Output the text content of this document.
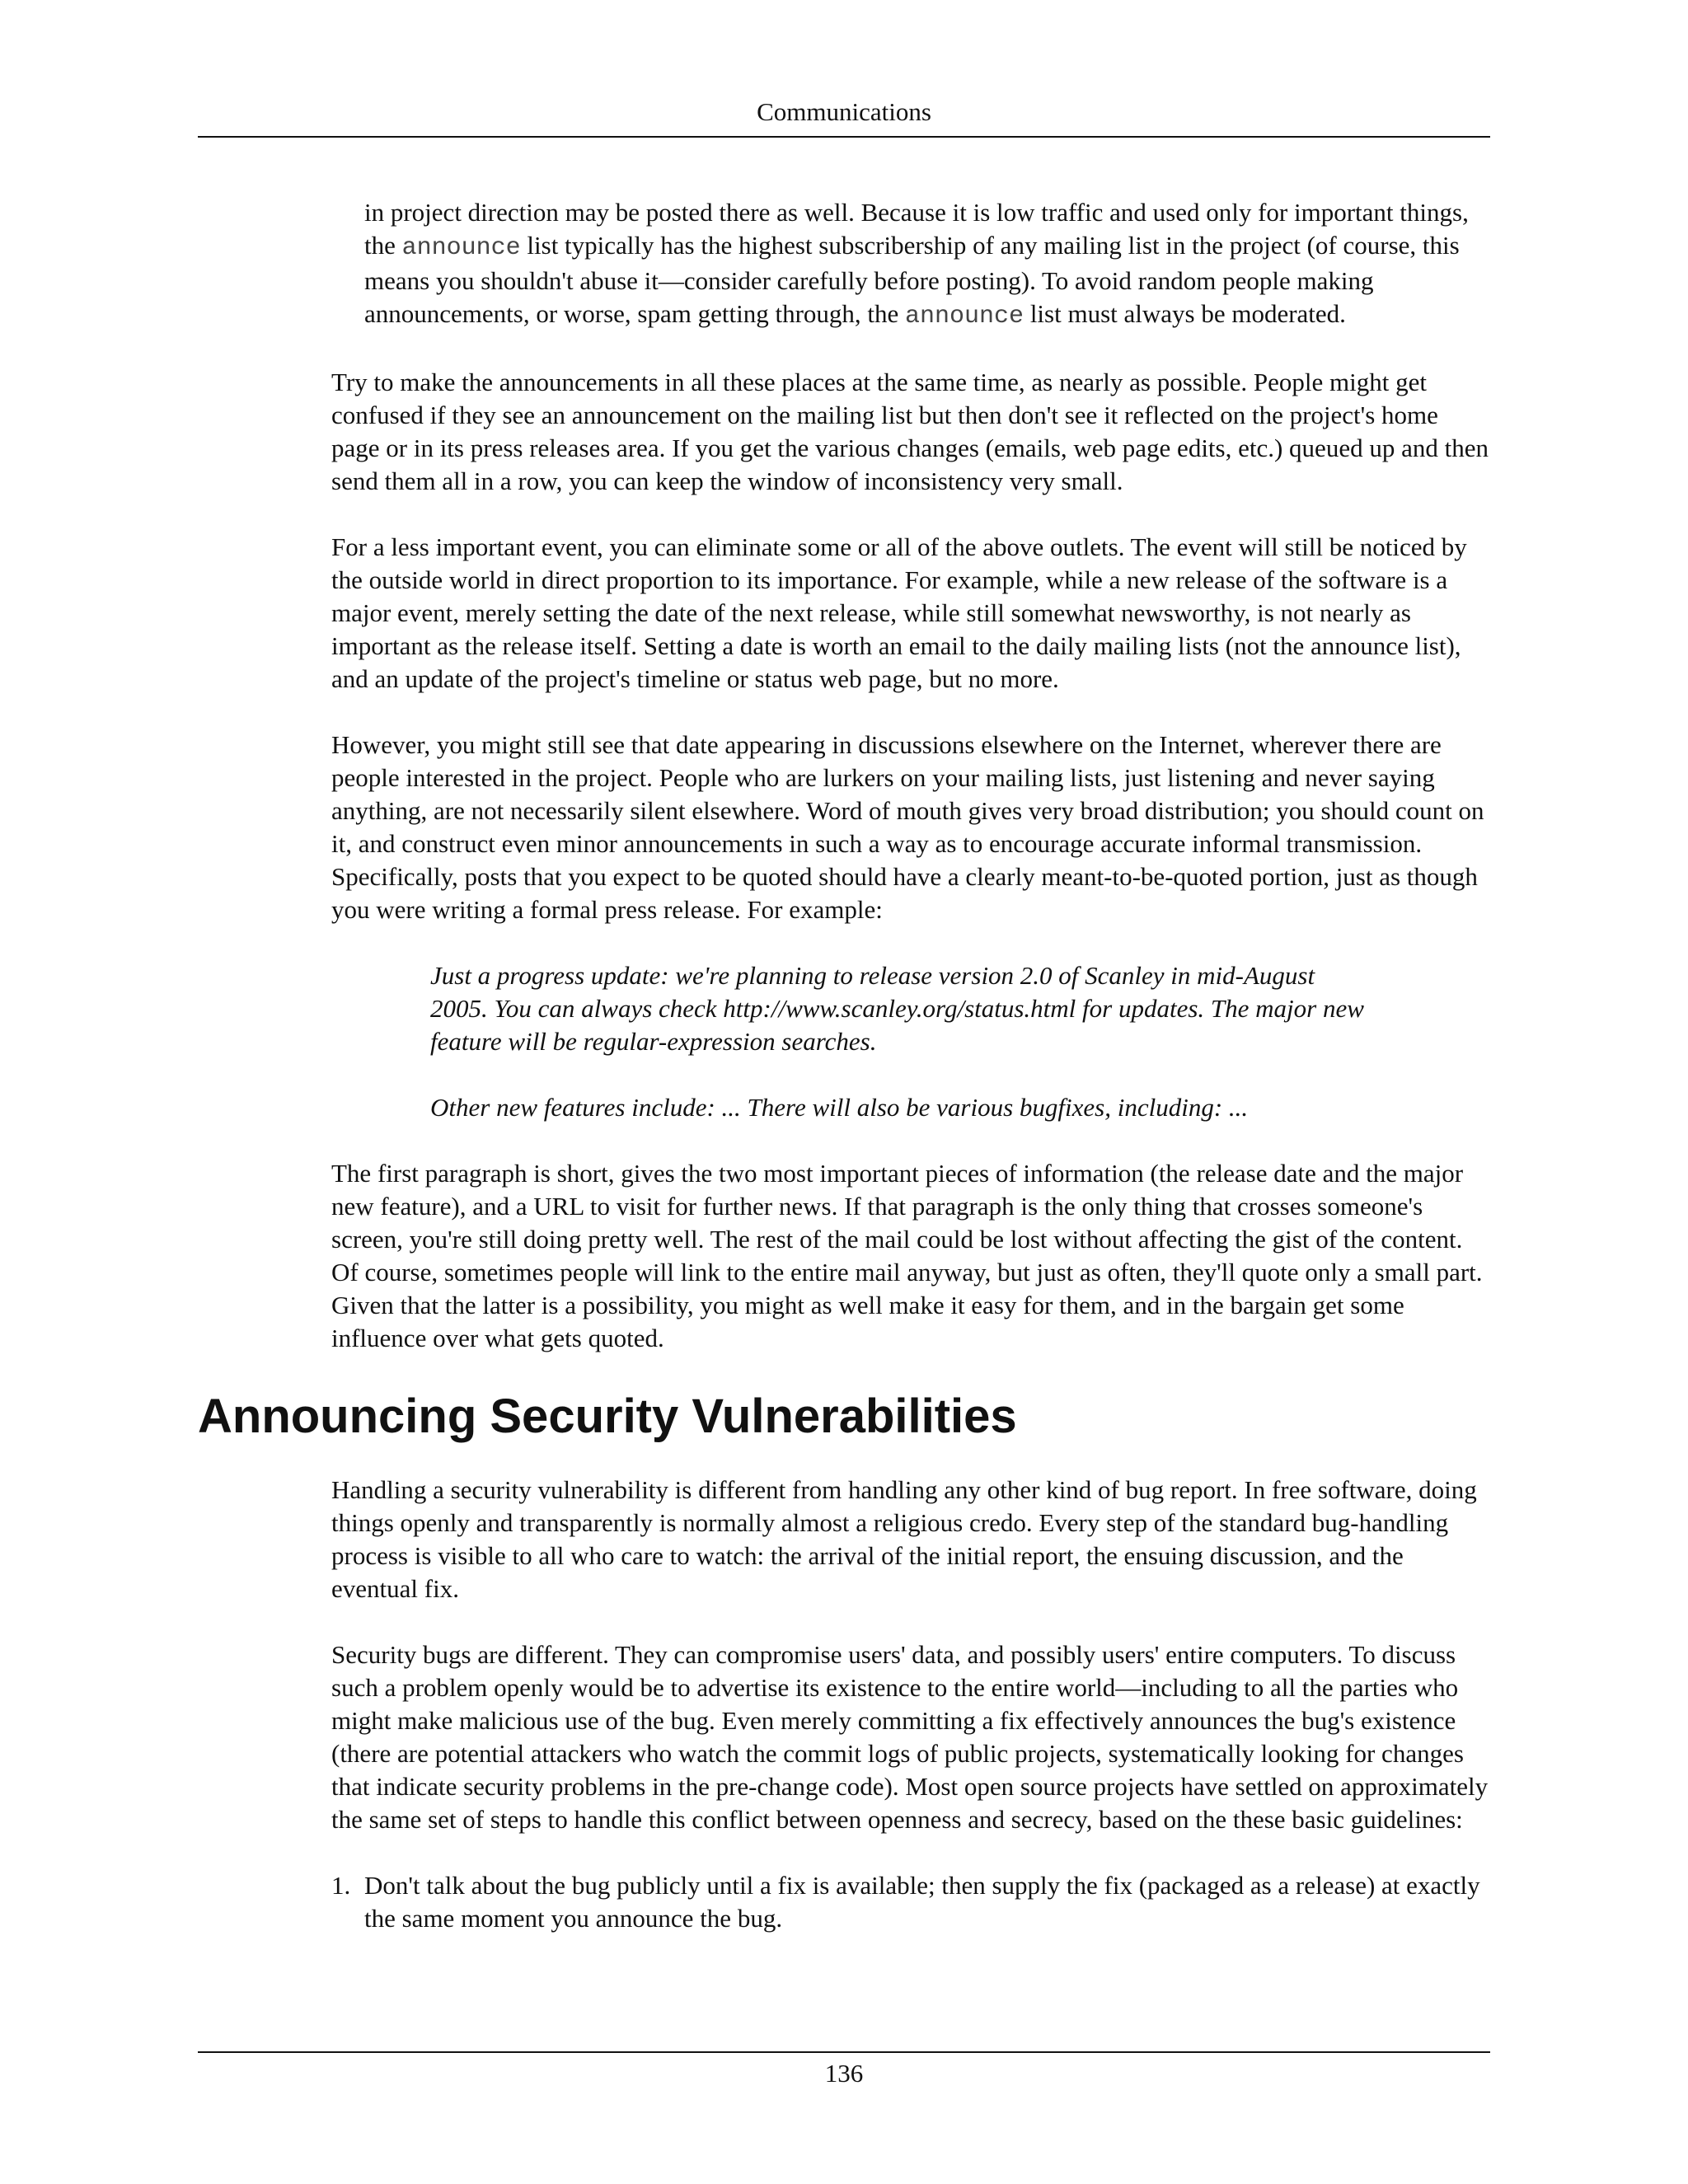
Communications

in project direction may be posted there as well. Because it is low traffic and used only for important things, the announce list typically has the highest subscribership of any mailing list in the project (of course, this means you shouldn't abuse it—consider carefully before posting). To avoid random people making announcements, or worse, spam getting through, the announce list must always be moderated.

Try to make the announcements in all these places at the same time, as nearly as possible. People might get confused if they see an announcement on the mailing list but then don't see it reflected on the project's home page or in its press releases area. If you get the various changes (emails, web page edits, etc.) queued up and then send them all in a row, you can keep the window of inconsistency very small.

For a less important event, you can eliminate some or all of the above outlets. The event will still be noticed by the outside world in direct proportion to its importance. For example, while a new release of the software is a major event, merely setting the date of the next release, while still somewhat newsworthy, is not nearly as important as the release itself. Setting a date is worth an email to the daily mailing lists (not the announce list), and an update of the project's timeline or status web page, but no more.

However, you might still see that date appearing in discussions elsewhere on the Internet, wherever there are people interested in the project. People who are lurkers on your mailing lists, just listening and never saying anything, are not necessarily silent elsewhere. Word of mouth gives very broad distribution; you should count on it, and construct even minor announcements in such a way as to encourage accurate informal transmission. Specifically, posts that you expect to be quoted should have a clearly meant-to-be-quoted portion, just as though you were writing a formal press release. For example:

Just a progress update: we're planning to release version 2.0 of Scanley in mid-August 2005. You can always check http://www.scanley.org/status.html for updates. The major new feature will be regular-expression searches.

Other new features include: ... There will also be various bugfixes, including: ...

The first paragraph is short, gives the two most important pieces of information (the release date and the major new feature), and a URL to visit for further news. If that paragraph is the only thing that crosses someone's screen, you're still doing pretty well. The rest of the mail could be lost without affecting the gist of the content. Of course, sometimes people will link to the entire mail anyway, but just as often, they'll quote only a small part. Given that the latter is a possibility, you might as well make it easy for them, and in the bargain get some influence over what gets quoted.

Announcing Security Vulnerabilities

Handling a security vulnerability is different from handling any other kind of bug report. In free software, doing things openly and transparently is normally almost a religious credo. Every step of the standard bug-handling process is visible to all who care to watch: the arrival of the initial report, the ensuing discussion, and the eventual fix.

Security bugs are different. They can compromise users' data, and possibly users' entire computers. To discuss such a problem openly would be to advertise its existence to the entire world—including to all the parties who might make malicious use of the bug. Even merely committing a fix effectively announces the bug's existence (there are potential attackers who watch the commit logs of public projects, systematically looking for changes that indicate security problems in the pre-change code). Most open source projects have settled on approximately the same set of steps to handle this conflict between openness and secrecy, based on the these basic guidelines:

1. Don't talk about the bug publicly until a fix is available; then supply the fix (packaged as a release) at exactly the same moment you announce the bug.
136
